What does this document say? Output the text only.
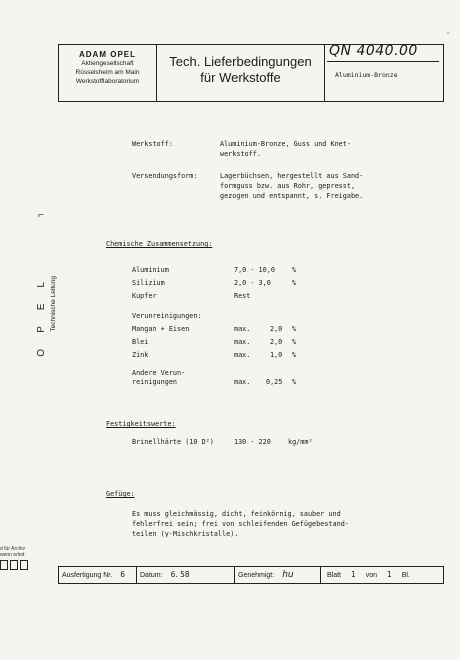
ADAM OPEL
Aktiengesellschaft
Rüsselsheim am Main
Werkstofflaboratorium
Tech. Lieferbedingungen
für Werkstoffe
QN 4040.00
Aluminium-Bronze
⁻
⌐
OPEL Technische Leitung
Werkstoff:	Aluminium-Bronze, Guss und Knet-
werkstoff.
Versendungsform:	Lagerbüchsen, hergestellt aus Sand-
formguss bzw. aus Rohr, gepresst,
gezogen und entspannt, s. Freigabe.
Chemische Zusammensetzung:
Aluminium	7,0 - 10,0	%
Silizium	2,0 - 3,0	%
Kupfer	Rest
Verunreinigungen:
Mangan + Eisen	max.	2,0 %
Blei	max.	2,0 %
Zink	max.	1,0 %
Andere Verun-
reinigungen	max. 0,25 %
Festigkeitswerte:
Brinellhärte (10 D²)	130 - 220	kg/mm²
Gefüge:
Es muss gleichmässig, dicht, feinkörnig, sauber und
fehlerfrei sein; frei von schleifenden Gefügebestand-
teilen (γ-Mischkristalle).
d für Archiv
wenn erled
Ausfertigung Nr. 6	Datum: 6. 58	Genehmigt: hu	Blatt 1 von 1 Bl.
